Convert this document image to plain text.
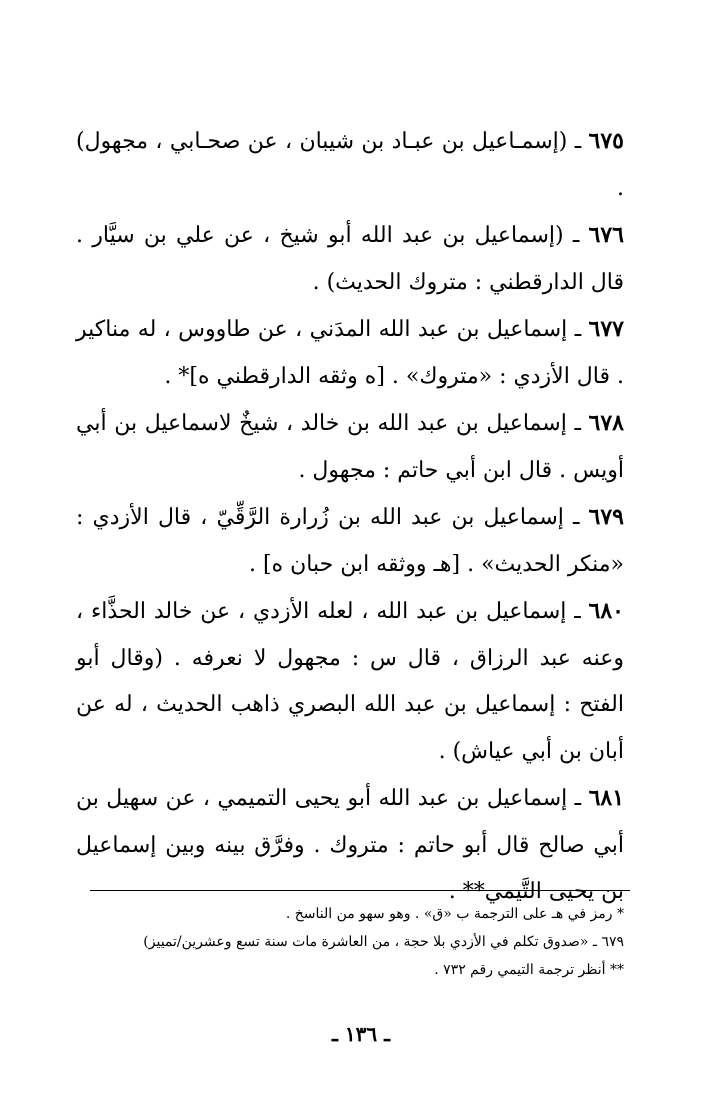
٦٧٥ ـ (إسمـاعيل بن عبـاد بن شيبان ، عن صحـابي ، مجهول) .

٦٧٦ ـ (إسماعيل بن عبد الله أبو شيخ ، عن علي بن سيَّار . قال الدارقطني : متروك الحديث) .

٦٧٧ ـ إسماعيل بن عبد الله المدَني ، عن طاووس ، له مناكير . قال الأزدي : «متروك» . [ه وثقه الدارقطني ه]* .

٦٧٨ ـ إسماعيل بن عبد الله بن خالد ، شيخٌ لاسماعيل بن أبي أويس . قال ابن أبي حاتم : مجهول .

٦٧٩ ـ إسماعيل بن عبد الله بن زُرارة الرَّقِّيّ ، قال الأزدي : «منكر الحديث» . [هـ ووثقه ابن حبان ه] .

٦٨٠ ـ إسماعيل بن عبد الله ، لعله الأزدي ، عن خالد الحذَّاء ، وعنه عبد الرزاق ، قال س : مجهول لا نعرفه . (وقال أبو الفتح : إسماعيل بن عبد الله البصري ذاهب الحديث ، له عن أبان بن أبي عياش) .

٦٨١ ـ إسماعيل بن عبد الله أبو يحيى التميمي ، عن سهيل بن أبي صالح قال أبو حاتم : متروك . وفرَّق بينه وبين إسماعيل بن يحيى التَّيمي** .

* رمز في هـ على الترجمة ب «ق» . وهو سهو من الناسخ .

٦٧٩ ـ «صدوق تكلم في الأزدي بلا حجة ، من العاشرة مات سنة تسع وعشرين/تمييز)

** أنظر ترجمة التيمي رقم ٧٣٢ .

ـ ١٣٦ ـ
